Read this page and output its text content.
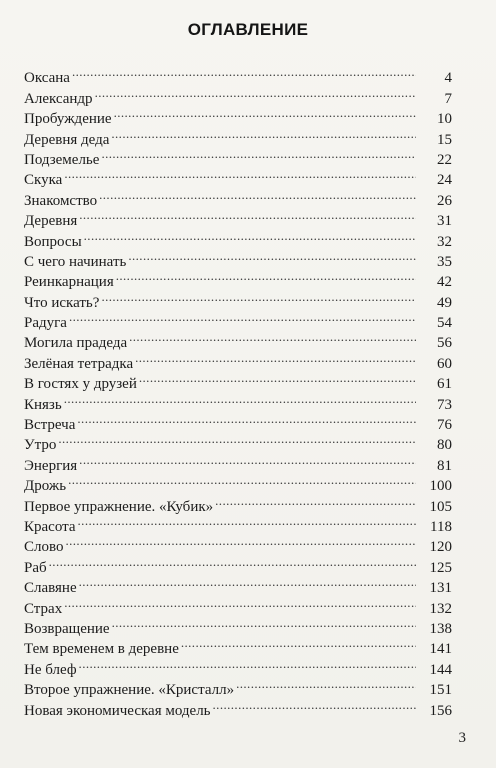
ОГЛАВЛЕНИЕ
Оксана .....	4
Александр .....	7
Пробуждение .....	10
Деревня деда .....	15
Подземелье .....	22
Скука .....	24
Знакомство .....	26
Деревня .....	31
Вопросы .....	32
С чего начинать .....	35
Реинкарнация .....	42
Что искать? .....	49
Радуга .....	54
Могила прадеда .....	56
Зелёная тетрадка .....	60
В гостях у друзей .....	61
Князь .....	73
Встреча .....	76
Утро .....	80
Энергия .....	81
Дрожь .....	100
Первое упражнение. «Кубик» .....	105
Красота .....	118
Слово .....	120
Раб .....	125
Славяне .....	131
Страх .....	132
Возвращение .....	138
Тем временем в деревне .....	141
Не блеф .....	144
Второе упражнение. «Кристалл» .....	151
Новая экономическая модель .....	156
3
